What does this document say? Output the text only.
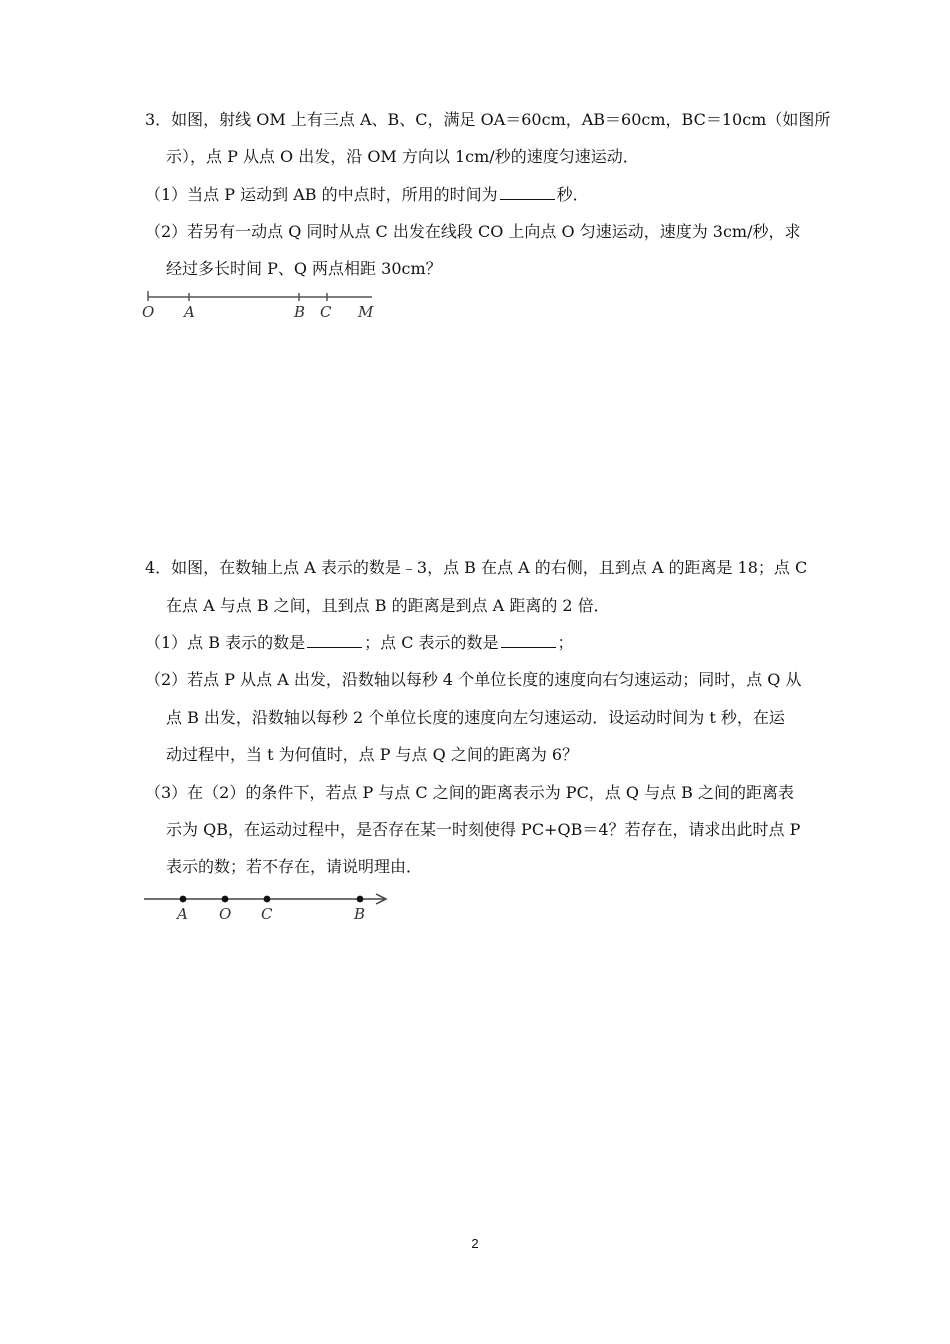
3．如图，射线 OM 上有三点 A、B、C，满足 OA＝60cm，AB＝60cm，BC＝10cm（如图所
示），点 P 从点 O 出发，沿 OM 方向以 1cm/秒的速度匀速运动．
（1）当点 P 运动到 AB 的中点时，所用的时间为	秒．
（2）若另有一动点 Q 同时从点 C 出发在线段 CO 上向点 O 匀速运动，速度为 3cm/秒，求
经过多长时间 P、Q 两点相距 30cm？
O A	B C M
4．如图，在数轴上点 A 表示的数是﹣3，点 B 在点 A 的右侧，且到点 A 的距离是 18；点 C
在点 A 与点 B 之间，且到点 B 的距离是到点 A 距离的 2 倍．
（1）点 B 表示的数是	；点 C 表示的数是	；
（2）若点 P 从点 A 出发，沿数轴以每秒 4 个单位长度的速度向右匀速运动；同时，点 Q 从
点 B 出发，沿数轴以每秒 2 个单位长度的速度向左匀速运动．设运动时间为 t 秒，在运
动过程中，当 t 为何值时，点 P 与点 Q 之间的距离为 6？
（3）在（2）的条件下，若点 P 与点 C 之间的距离表示为 PC，点 Q 与点 B 之间的距离表
示为 QB，在运动过程中，是否存在某一时刻使得 PC+QB＝4？若存在，请求出此时点 P
表示的数；若不存在，请说明理由．
A O C	B
2
